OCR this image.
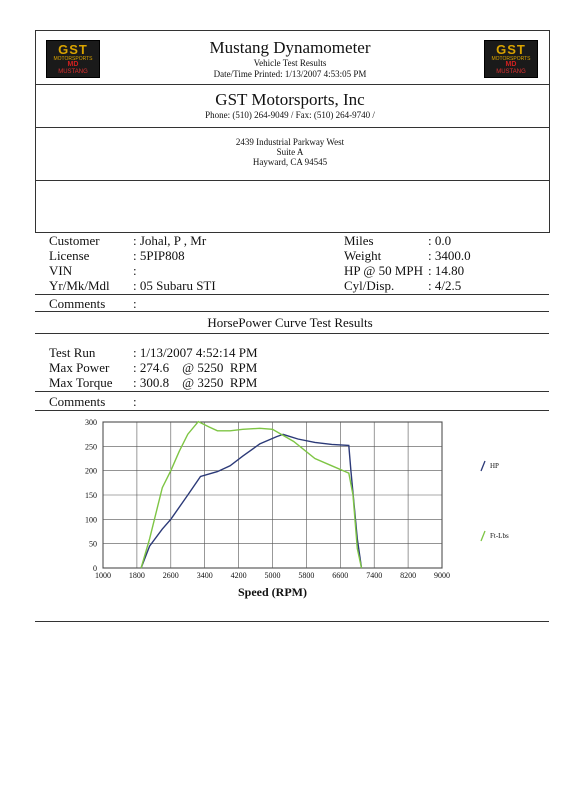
GST
MOTORSPORTS
MD
MUSTANG
GST
MOTORSPORTS
MD
MUSTANG
Mustang Dynamometer
Vehicle Test Results
Date/Time Printed: 1/13/2007 4:53:05 PM
GST Motorsports, Inc
Phone: (510) 264-9049 / Fax: (510) 264-9740 /
2439 Industrial Parkway West
Suite A
Hayward, CA 94545
Customer	: Johal, P , Mr
License	: 5PIP808
VIN	:
Yr/Mk/Mdl : 05 Subaru STI
Miles	: 0.0
Weight	: 3400.0
HP @ 50 MPH : 14.80
Cyl/Disp.	: 4/2.5
Comments :
HorsePower Curve Test Results
Test Run	: 1/13/2007 4:52:14 PM
Max Power : 274.6    @ 5250  RPM
Max Torque : 300.8    @ 3250  RPM
Comments :
0
50
100
150
200
250
300
1000 1800 2600 3400 4200 5000 5800 6600 7400 8200 9000
Speed (RPM)
HP
Ft-Lbs
